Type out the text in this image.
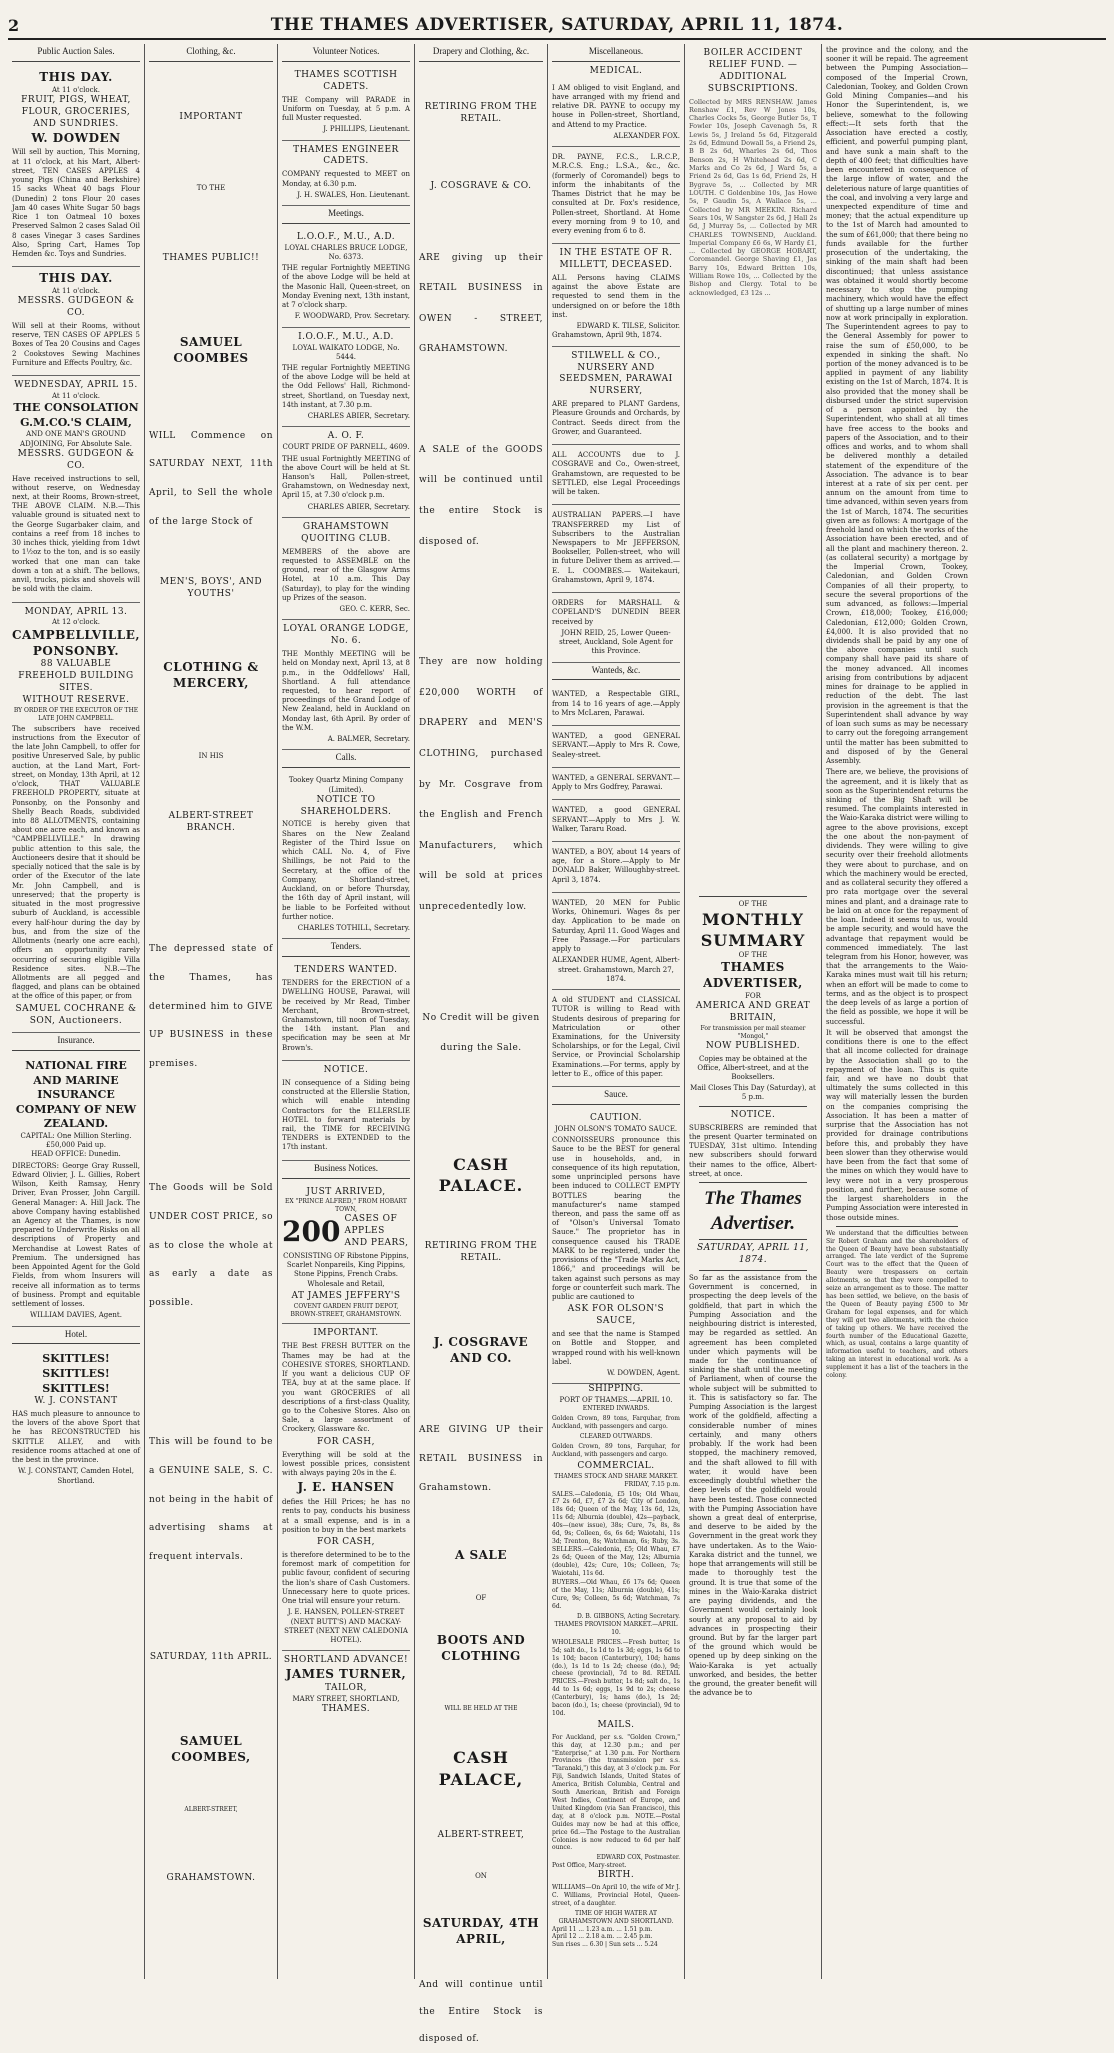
2	THE THAMES ADVERTISER, SATURDAY, APRIL 11, 1874.
Public Auction Sales.
THIS DAY.
At 11 o'clock.
FRUIT, PIGS, WHEAT, FLOUR, GROCERIES, AND SUNDRIES.
W. DOWDEN

Will sell by auction, This Morning, at 11 o'clock, at his Mart, Albert-street, TEN CASES APPLES 4 young Pigs (China and Berkshire) 15 sacks Wheat 40 bags Flour (Dunedin) 2 tons Flour 20 cases Jam 40 cases White Sugar 50 bags Rice 1 ton Oatmeal 10 boxes Preserved Salmon 2 cases Salad Oil 8 cases Vinegar 3 cases Sardines Also, Spring Cart, Hames Top Hemden &c. Toys and Sundries.

THIS DAY.
At 11 o'clock.
MESSRS. GUDGEON & CO.

Will sell at their Rooms, without reserve, TEN CASES OF APPLES 5 Boxes of Tea 20 Cousins and Cages 2 Cookstoves Sewing Machines Furniture and Effects Poultry, &c.

WEDNESDAY, APRIL 15.
At 11 o'clock.
THE CONSOLATION G.M.CO.'S CLAIM,
AND ONE MAN'S GROUND ADJOINING, For Absolute Sale.
MESSRS. GUDGEON & CO.

Have received instructions to sell, without reserve, on Wednesday next, at their Rooms, Brown-street, THE ABOVE CLAIM. N.B.—This valuable ground is situated next to the George Sugarbaker claim, and contains a reef from 18 inches to 30 inches thick, yielding from 1dwt to 1½oz to the ton, and is so easily worked that one man can take down a ton at a shift. The bellows, anvil, trucks, picks and shovels will be sold with the claim.

MONDAY, APRIL 13.
At 12 o'clock.
CAMPBELLVILLE, PONSONBY.
88 VALUABLE FREEHOLD BUILDING SITES.
WITHOUT RESERVE.
BY ORDER OF THE EXECUTOR OF THE LATE JOHN CAMPBELL.

The subscribers have received instructions from the Executor of the late John Campbell, to offer for positive Unreserved Sale, by public auction, at the Land Mart, Fort-street, on Monday, 13th April, at 12 o'clock, THAT VALUABLE FREEHOLD PROPERTY, situate at Ponsonby, on the Ponsonby and Shelly Beach Roads, subdivided into 88 ALLOTMENTS, containing about one acre each, and known as "CAMPBELLVILLE." In drawing public attention to this sale, the Auctioneers desire that it should be specially noticed that the sale is by order of the Executor of the late Mr. John Campbell, and is unreserved; that the property is situated in the most progressive suburb of Auckland, is accessible every half-hour during the day by bus, and from the size of the Allotments (nearly one acre each), offers an opportunity rarely occurring of securing eligible Villa Residence sites. N.B.—The Allotments are all pegged and flagged, and plans can be obtained at the office of this paper, or from

SAMUEL COCHRANE & SON, Auctioneers.
Insurance.
NATIONAL FIRE AND MARINE INSURANCE COMPANY OF NEW ZEALAND.
CAPITAL: One Million Sterling. £50,000 Paid up.
HEAD OFFICE: Dunedin.

DIRECTORS: George Gray Russell, Edward Olivier, J. L. Gillies, Robert Wilson, Keith Ramsay, Henry Driver, Evan Prosser, John Cargill. General Manager: A. Hill Jack. The above Company having established an Agency at the Thames, is now prepared to Underwrite Risks on all descriptions of Property and Merchandise at Lowest Rates of Premium. The undersigned has been Appointed Agent for the Gold Fields, from whom Insurers will receive all information as to terms of business. Prompt and equitable settlement of losses.

WILLIAM DAVIES, Agent.
Hotel.
SKITTLES! SKITTLES! SKITTLES!
W. J. CONSTANT

HAS much pleasure to announce to the lovers of the above Sport that he has RECONSTRUCTED his SKITTLE ALLEY, and with residence rooms attached at one of the best in the province.

W. J. CONSTANT, Camden Hotel, Shortland.
Clothing, &c.
IMPORTANT
TO THE
THAMES PUBLIC!!
SAMUEL COOMBES

WILL Commence on SATURDAY NEXT, 11th April, to Sell the whole of the large Stock of

MEN'S, BOYS', AND YOUTHS'
CLOTHING & MERCERY,
IN HIS
ALBERT-STREET BRANCH.

The depressed state of the Thames, has determined him to GIVE UP BUSINESS in these premises.

The Goods will be Sold UNDER COST PRICE, so as to close the whole at as early a date as possible.

This will be found to be a GENUINE SALE, S. C. not being in the habit of advertising shams at frequent intervals.

SATURDAY, 11th APRIL.
SAMUEL COOMBES,
ALBERT-STREET,
GRAHAMSTOWN.
Volunteer Notices.
THAMES SCOTTISH CADETS.

THE Company will PARADE in Uniform on Tuesday, at 5 p.m. A full Muster requested.

J. PHILLIPS, Lieutenant.
THAMES ENGINEER CADETS.

COMPANY requested to MEET on Monday, at 6.30 p.m.

J. H. SWALES, Hon. Lieutenant.
Meetings.
L.O.O.F., M.U., A.D.
LOYAL CHARLES BRUCE LODGE, No. 6373.

THE regular Fortnightly MEETING of the above Lodge will be held at the Masonic Hall, Queen-street, on Monday Evening next, 13th instant, at 7 o'clock sharp.

F. WOODWARD, Prov. Secretary.
I.O.O.F., M.U., A.D.
LOYAL WAIKATO LODGE, No. 5444.

THE regular Fortnightly MEETING of the above Lodge will be held at the Odd Fellows' Hall, Richmond-street, Shortland, on Tuesday next, 14th instant, at 7.30 p.m.

CHARLES ABIER, Secretary.
A. O. F.
COURT PRIDE OF PARNELL, 4609.

THE usual Fortnightly MEETING of the above Court will be held at St. Hanson's Hall, Pollen-street, Grahamstown, on Wednesday next, April 15, at 7.30 o'clock p.m.

CHARLES ABIER, Secretary.
GRAHAMSTOWN QUOITING CLUB.

MEMBERS of the above are requested to ASSEMBLE on the ground, rear of the Glasgow Arms Hotel, at 10 a.m. This Day (Saturday), to play for the winding up Prizes of the season.

GEO. C. KERR, Sec.
LOYAL ORANGE LODGE, No. 6.

THE Monthly MEETING will be held on Monday next, April 13, at 8 p.m., in the Oddfellows' Hall, Shortland. A full attendance requested, to hear report of proceedings of the Grand Lodge of New Zealand, held in Auckland on Monday last, 6th April. By order of the W.M.

A. BALMER, Secretary.
Calls.
Tookey Quartz Mining Company (Limited).
NOTICE TO SHAREHOLDERS.

NOTICE is hereby given that Shares on the New Zealand Register of the Third Issue on which CALL No. 4, of Five Shillings, be not Paid to the Secretary, at the office of the Company, Shortland-street, Auckland, on or before Thursday, the 16th day of April instant, will be liable to be Forfeited without further notice.

CHARLES TOTHILL, Secretary.
Tenders.
TENDERS WANTED.

TENDERS for the ERECTION of a DWELLING HOUSE, Parawai, will be received by Mr Read, Timber Merchant, Brown-street, Grahamstown, till noon of Tuesday, the 14th instant. Plan and specification may be seen at Mr Brown's.

NOTICE.

IN consequence of a Siding being constructed at the Ellerslie Station, which will enable intending Contractors for the ELLERSLIE HOTEL to forward materials by rail, the TIME for RECEIVING TENDERS is EXTENDED to the 17th instant.

Business Notices.
JUST ARRIVED,
EX "PRINCE ALFRED," FROM HOBART TOWN,
200 CASES OF APPLES AND PEARS,

CONSISTING OF Ribstone Pippins, Scarlet Nonpareils, King Pippins, Stone Pippins, French Crabs. Wholesale and Retail,

AT JAMES JEFFERY'S
COVENT GARDEN FRUIT DEPOT, BROWN-STREET, GRAHAMSTOWN.
IMPORTANT.

THE Best FRESH BUTTER on the Thames may be had at the COHESIVE STORES, SHORTLAND. If you want a delicious CUP OF TEA, buy at at the same place. If you want GROCERIES of all descriptions of a first-class Quality, go to the Cohesive Stores. Also on Sale, a large assortment of Crockery, Glassware &c.

FOR CASH,

Everything will be sold at the lowest possible prices, consistent with always paying 20s in the £.

J. E. HANSEN

defies the Hill Prices; he has no rents to pay, conducts his business at a small expense, and is in a position to buy in the best markets

FOR CASH,

is therefore determined to be to the foremost mark of competition for public favour, confident of securing the lion's share of Cash Customers. Unnecessary here to quote prices. One trial will ensure your return.

J. E. HANSEN, POLLEN-STREET (NEXT BUTT'S) AND MACKAY-STREET (NEXT NEW CALEDONIA HOTEL).
SHORTLAND ADVANCE!
JAMES TURNER,
TAILOR,
MARY STREET, SHORTLAND,
THAMES.
Drapery and Clothing, &c.
RETIRING FROM THE RETAIL.
J. COSGRAVE & CO.

ARE giving up their RETAIL BUSINESS in OWEN - STREET, GRAHAMSTOWN.

A SALE of the GOODS will be continued until the entire Stock is disposed of.

They are now holding £20,000 WORTH of DRAPERY and MEN'S CLOTHING, purchased by Mr. Cosgrave from the English and French Manufacturers, which will be sold at prices unprecedentedly low.

No Credit will be given during the Sale.

CASH PALACE.
RETIRING FROM THE RETAIL.
J. COSGRAVE AND CO.

ARE GIVING UP their RETAIL BUSINESS in Grahamstown.

A SALE
OF
BOOTS AND CLOTHING
WILL BE HELD AT THE
CASH PALACE,
ALBERT-STREET,
ON
SATURDAY, 4TH APRIL,

And will continue until the Entire Stock is disposed of.

Miscellaneous.
MEDICAL.

I AM obliged to visit England, and have arranged with my friend and relative DR. PAYNE to occupy my house in Pollen-street, Shortland, and Attend to my Practice.

ALEXANDER FOX.

DR. PAYNE, F.C.S., L.R.C.P., M.R.C.S. Eng.; L.S.A., &c., &c. (formerly of Coromandel) begs to inform the inhabitants of the Thames District that he may be consulted at Dr. Fox's residence, Pollen-street, Shortland. At Home every morning from 9 to 10, and every evening from 6 to 8.

IN THE ESTATE OF R. MILLETT, DECEASED.

ALL Persons having CLAIMS against the above Estate are requested to send them in the undersigned on or before the 18th inst.

EDWARD K. TILSE, Solicitor.
Grahamstown, April 9th, 1874.
STILWELL & CO., NURSERY AND SEEDSMEN, PARAWAI NURSERY,

ARE prepared to PLANT Gardens, Pleasure Grounds and Orchards, by Contract. Seeds direct from the Grower, and Guaranteed.

ALL ACCOUNTS due to J. COSGRAVE and Co., Owen-street, Grahamstown, are requested to be SETTLED, else Legal Proceedings will be taken.

AUSTRALIAN PAPERS.—I have TRANSFERRED my List of Subscribers to the Australian Newspapers to Mr JEFFERSON, Bookseller, Pollen-street, who will in future Deliver them as arrived.—E. L. COOMBES.— Waitekauri, Grahamstown, April 9, 1874.

ORDERS for MARSHALL & COPELAND'S DUNEDIN BEER received by

JOHN REID, 25, Lower Queen-street, Auckland, Sole Agent for this Province.
Wanteds, &c.

WANTED, a Respectable GIRL, from 14 to 16 years of age.—Apply to Mrs McLaren, Parawai.

WANTED, a good GENERAL SERVANT.—Apply to Mrs R. Cowe, Sealey-street.

WANTED, a GENERAL SERVANT.—Apply to Mrs Godfrey, Parawai.

WANTED, a good GENERAL SERVANT.—Apply to Mrs J. W. Walker, Tararu Road.

WANTED, a BOY, about 14 years of age, for a Store.—Apply to Mr DONALD Baker, Willoughby-street. April 3, 1874.

WANTED, 20 MEN for Public Works, Ohinemuri. Wages 8s per day. Application to be made on Saturday, April 11. Good Wages and Free Passage.—For particulars apply to

ALEXANDER HUME, Agent, Albert-street. Grahamstown, March 27, 1874.

A old STUDENT and CLASSICAL TUTOR is willing to Read with Students desirous of preparing for Matriculation or other Examinations, for the University Scholarships, or for the Legal, Civil Service, or Provincial Scholarship Examinations.—For terms, apply by letter to E., office of this paper.

Sauce.
CAUTION.
JOHN OLSON'S TOMATO SAUCE.

CONNOISSEURS pronounce this Sauce to be the BEST for general use in households, and, in consequence of its high reputation, some unprincipled persons have been induced to COLLECT EMPTY BOTTLES bearing the manufacturer's name stamped thereon, and pass the same off as of "Olson's Universal Tomato Sauce." The proprietor has in consequence caused his TRADE MARK to be registered, under the provisions of the "Trade Marks Act, 1866," and proceedings will be taken against such persons as may forge or counterfeit such mark. The public are cautioned to

ASK FOR OLSON'S SAUCE,

and see that the name is Stamped on Bottle and Stopper, and wrapped round with his well-known label.

W. DOWDEN, Agent.
SHIPPING.
PORT OF THAMES.—APRIL 10.
ENTERED INWARDS.

Golden Crown, 89 tons, Farquhar, from Auckland, with passengers and cargo.

CLEARED OUTWARDS.

Golden Crown, 89 tons, Farquhar, for Auckland, with passengers and cargo.

COMMERCIAL.
THAMES STOCK AND SHARE MARKET.
FRIDAY, 7.15 p.m.

SALES.—Caledonia, £5 10s; Old Whau, £7 2s 6d, £7, £7 2s 6d; City of London, 18s 6d; Queen of the May, 13s 6d, 12s, 11s 6d; Alburnia (double), 42s—payback, 40s—(new issue), 38s; Cure, 7s, 8s, 8s 6d, 9s; Colleen, 6s, 6s 6d; Waiotahi, 11s 3d; Trenton, 8s; Watchman, 6s; Ruby, 3s. SELLERS.—Caledonia, £5; Old Whau, £7 2s 6d; Queen of the May, 12s; Alburnia (double), 42s; Cure, 10s; Colleen, 7s; Waiotahi, 11s 6d.

BUYERS.—Old Whau, £6 17s 6d; Queen of the May, 11s; Alburnia (double), 41s; Cure, 9s; Colleen, 5s 6d; Watchman, 7s 6d.

D. B. GIBBONS, Acting Secretary.
THAMES PROVISION MARKET.—APRIL 10.

WHOLESALE PRICES.—Fresh butter, 1s 5d; salt do., 1s 1d to 1s 3d; eggs, 1s 6d to 1s 10d; bacon (Canterbury), 10d; hams (do.), 1s 1d to 1s 2d; cheese (do.), 9d; cheese (provincial), 7d to 8d. RETAIL PRICES.—Fresh butter, 1s 8d; salt do., 1s 4d to 1s 6d; eggs, 1s 9d to 2s; cheese (Canterbury), 1s; hams (do.), 1s 2d; bacon (do.), 1s; cheese (provincial), 9d to 10d.

MAILS.

For Auckland, per s.s. "Golden Crown," this day, at 12.30 p.m.; and per "Enterprise," at 1.30 p.m. For Northern Provinces (the transmission per s.s. "Taranaki,") this day, at 3 o'clock p.m. For Fiji, Sandwich Islands, United States of America, British Columbia, Central and South American, British and Foreign West Indies, Continent of Europe, and United Kingdom (via San Francisco), this day, at 8 o'clock p.m. NOTE.—Postal Guides may now be had at this office, price 6d.—The Postage to the Australian Colonies is now reduced to 6d per half ounce.

EDWARD COX, Postmaster.
Post Office, Mary-street.
BIRTH.

WILLIAMS—On April 10, the wife of Mr J. C. Williams, Provincial Hotel, Queen-street, of a daughter.

TIME OF HIGH WATER AT GRAHAMSTOWN AND SHORTLAND.
April 11 ... 1.23 a.m. ... 1.51 p.m.
April 12 ... 2.18 a.m. ... 2.45 p.m.
Sun rises ... 6.30 | Sun sets ... 5.24
BOILER ACCIDENT RELIEF FUND. — ADDITIONAL SUBSCRIPTIONS.

Collected by MRS RENSHAW. James Renshaw £1, Rev W Jones 10s, Charles Cocks 5s, George Butler 5s, T Fowler 10s, Joseph Cavenagh 5s, R Lewis 5s, J Ireland 5s 6d, Fitzgerald 2s 6d, Edmund Dowall 5s, a Friend 2s, B B 2s 6d, Wharles 2s 6d, Thos Benson 2s, H Whitehead 2s 6d, C Marks and Co 2s 6d, J Ward 5s, a Friend 2s 6d, Gas 1s 6d, Friend 2s, H Bygrave 5s, ... Collected by MR LOUTH. C Goldenbine 10s, Jas Howe 5s, P Gaudin 5s, A Wallace 5s, ... Collected by MR MEEKIN. Richard Sears 10s, W Sangster 2s 6d, J Hall 2s 6d, J Murray 5s, ... Collected by MR CHARLES TOWNSEND, Auckland. Imperial Company £6 6s, W Hardy £1, ... Collected by GEORGE HOBART, Coromandel. George Shaving £1, Jas Barry 10s, Edward Britten 10s, William Rowe 10s, ... Collected by the Bishop and Clergy. Total to be acknowledged, £3 12s ...

OF THE
MONTHLY SUMMARY
OF THE
THAMES ADVERTISER,
FOR
AMERICA AND GREAT BRITAIN,
For transmission per mail steamer "Mongol,"
NOW PUBLISHED.

Copies may be obtained at the Office, Albert-street, and at the Booksellers.

Mail Closes This Day (Saturday), at 5 p.m.
NOTICE.

SUBSCRIBERS are reminded that the present Quarter terminated on TUESDAY, 31st ultimo. Intending new subscribers should forward their names to the office, Albert-street, at once.

The Thames Advertiser.
SATURDAY, APRIL 11, 1874.

So far as the assistance from the Government is concerned, in prospecting the deep levels of the goldfield, that part in which the Pumping Association and the neighbouring district is interested, may be regarded as settled. An agreement has been completed under which payments will be made for the continuance of sinking the shaft until the meeting of Parliament, when of course the whole subject will be submitted to it. This is satisfactory so far. The Pumping Association is the largest work of the goldfield, affecting a considerable number of mines certainly, and many others probably. If the work had been stopped, the machinery removed, and the shaft allowed to fill with water, it would have been exceedingly doubtful whether the deep levels of the goldfield would have been tested. Those connected with the Pumping Association have shown a great deal of enterprise, and deserve to be aided by the Government in the great work they have undertaken. As to the Waio-Karaka district and the tunnel, we hope that arrangements will still be made to thoroughly test the ground. It is true that some of the mines in the Waio-Karaka district are paying dividends, and the Government would certainly look sourly at any proposal to aid by advances in prospecting their ground. But by far the larger part of the ground which would be opened up by deep sinking on the Waio-Karaka is yet actually unworked, and besides, the better the ground, the greater benefit will the advance be to

the province and the colony, and the sooner it will be repaid. The agreement between the Pumping Association—composed of the Imperial Crown, Caledonian, Tookey, and Golden Crown Gold Mining Companies—and his Honor the Superintendent, is, we believe, somewhat to the following effect:—It sets forth that the Association have erected a costly, efficient, and powerful pumping plant, and have sunk a main shaft to the depth of 400 feet; that difficulties have been encountered in consequence of the large inflow of water, and the deleterious nature of large quantities of the coal, and involving a very large and unexpected expenditure of time and money; that the actual expenditure up to the 1st of March had amounted to the sum of £61,000; that there being no funds available for the further prosecution of the undertaking, the sinking of the main shaft had been discontinued; that unless assistance was obtained it would shortly become necessary to stop the pumping machinery, which would have the effect of shutting up a large number of mines now at work principally in exploration. The Superintendent agrees to pay to the General Assembly for power to raise the sum of £50,000, to be expended in sinking the shaft. No portion of the money advanced is to be applied in payment of any liability existing on the 1st of March, 1874. It is also provided that the money shall be disbursed under the strict supervision of a person appointed by the Superintendent, who shall at all times have free access to the books and papers of the Association, and to their offices and works, and to whom shall be delivered monthly a detailed statement of the expenditure of the Association. The advance is to bear interest at a rate of six per cent. per annum on the amount from time to time advanced, within seven years from the 1st of March, 1874. The securities given are as follows: A mortgage of the freehold land on which the works of the Association have been erected, and of all the plant and machinery thereon. 2. (as collateral security) a mortgage by the Imperial Crown, Tookey, Caledonian, and Golden Crown Companies of all their property, to secure the several proportions of the sum advanced, as follows:—Imperial Crown, £18,000; Tookey, £16,000; Caledonian, £12,000; Golden Crown, £4,000. It is also provided that no dividends shall be paid by any one of the above companies until such company shall have paid its share of the money advanced. All incomes arising from contributions by adjacent mines for drainage to be applied in reduction of the debt. The last provision in the agreement is that the Superintendent shall advance by way of loan such sums as may be necessary to carry out the foregoing arrangement until the matter has been submitted to and disposed of by the General Assembly.

There are, we believe, the provisions of the agreement, and it is likely that as soon as the Superintendent returns the sinking of the Big Shaft will be resumed. The complaints interested in the Waio-Karaka district were willing to agree to the above provisions, except the one about the non-payment of dividends. They were willing to give security over their freehold allotments they were about to purchase, and on which the machinery would be erected, and as collateral security they offered a pro rata mortgage over the several mines and plant, and a drainage rate to be laid on at once for the repayment of the loan. Indeed it seems to us, would be ample security, and would have the advantage that repayment would be commenced immediately. The last telegram from his Honor, however, was that the arrangements to the Waio-Karaka mines must wait till his return; when an effort will be made to come to terms, and as the object is to prospect the deep levels of as large a portion of the field as possible, we hope it will be successful.

It will be observed that amongst the conditions there is one to the effect that all income collected for drainage by the Association shall go to the repayment of the loan. This is quite fair, and we have no doubt that ultimately the sums collected in this way will materially lessen the burden on the companies comprising the Association. It has been a matter of surprise that the Association has not provided for drainage contributions before this, and probably they have been slower than they otherwise would have been from the fact that some of the mines on which they would have to levy were not in a very prosperous position, and further, because some of the largest shareholders in the Pumping Association were interested in those outside mines.

We understand that the difficulties between Sir Robert Graham and the shareholders of the Queen of Beauty have been substantially arranged. The late verdict of the Supreme Court was to the effect that the Queen of Beauty were trespassers on certain allotments, so that they were compelled to seize an arrangement as to those. The matter has been settled, we believe, on the basis of the Queen of Beauty paying £500 to Mr Graham for legal expenses, and for which they will get two allotments, with the choice of taking up others. We have received the fourth number of the Educational Gazette, which, as usual, contains a large quantity of information useful to teachers, and others taking an interest in educational work. As a supplement it has a list of the teachers in the colony.
